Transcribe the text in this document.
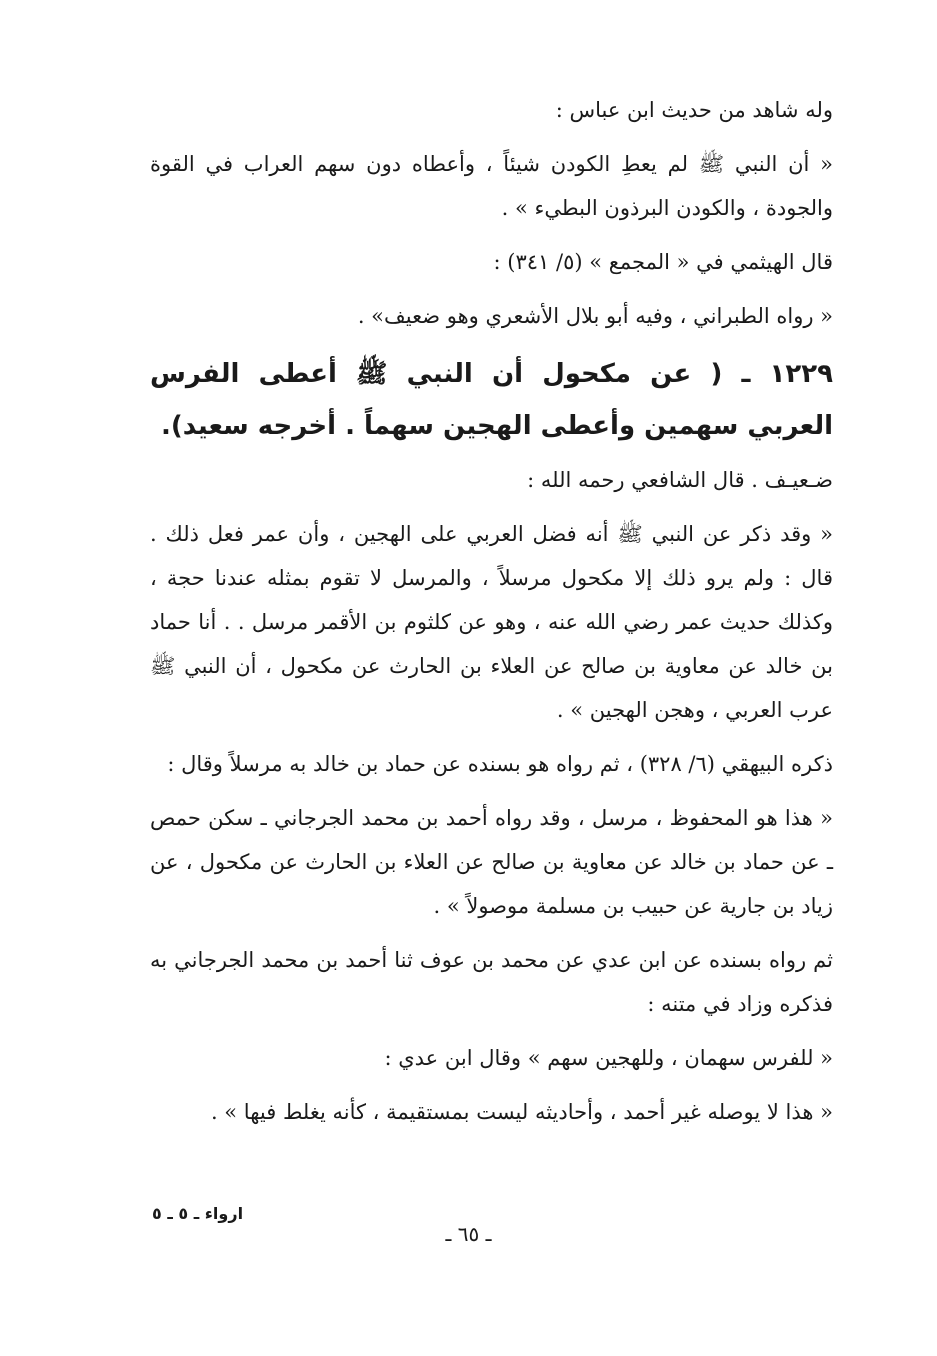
وله شاهد من حديث ابن عباس :

« أن النبي ﷺ لم يعطِ الكودن شيئاً ، وأعطاه دون سهم العراب في القوة والجودة ، والكودن البرذون البطيء » .

قال الهيثمي في « المجمع » (٥/ ٣٤١) :

« رواه الطبراني ، وفيه أبو بلال الأشعري وهو ضعيف» .

١٢٢٩ ـ ( عن مكحول أن النبي ﷺ أعطى الفرس العربي سهمين وأعطى الهجين سهماً . أخرجه سعيد).

ضـعيـف . قال الشافعي رحمه الله :

« وقد ذكر عن النبي ﷺ أنه فضل العربي على الهجين ، وأن عمر فعل ذلك . قال : ولم يرو ذلك إلا مكحول مرسلاً ، والمرسل لا تقوم بمثله عندنا حجة ، وكذلك حديث عمر رضي الله عنه ، وهو عن كلثوم بن الأقمر مرسل . . أنا حماد بن خالد عن معاوية بن صالح عن العلاء بن الحارث عن مكحول ، أن النبي ﷺ عرب العربي ، وهجن الهجين » .

ذكره البيهقي (٦/ ٣٢٨) ، ثم رواه هو بسنده عن حماد بن خالد به مرسلاً وقال :

« هذا هو المحفوظ ، مرسل ، وقد رواه أحمد بن محمد الجرجاني ـ سكن حمص ـ عن حماد بن خالد عن معاوية بن صالح عن العلاء بن الحارث عن مكحول ، عن زياد بن جارية عن حبيب بن مسلمة موصولاً » .

ثم رواه بسنده عن ابن عدي عن محمد بن عوف ثنا أحمد بن محمد الجرجاني به فذكره وزاد في متنه :

« للفرس سهمان ، وللهجين سهم » وقال ابن عدي :

« هذا لا يوصله غير أحمد ، وأحاديثه ليست بمستقيمة ، كأنه يغلط فيها » .

ارواء ـ ٥ ـ ٥
ـ ٦٥ ـ
